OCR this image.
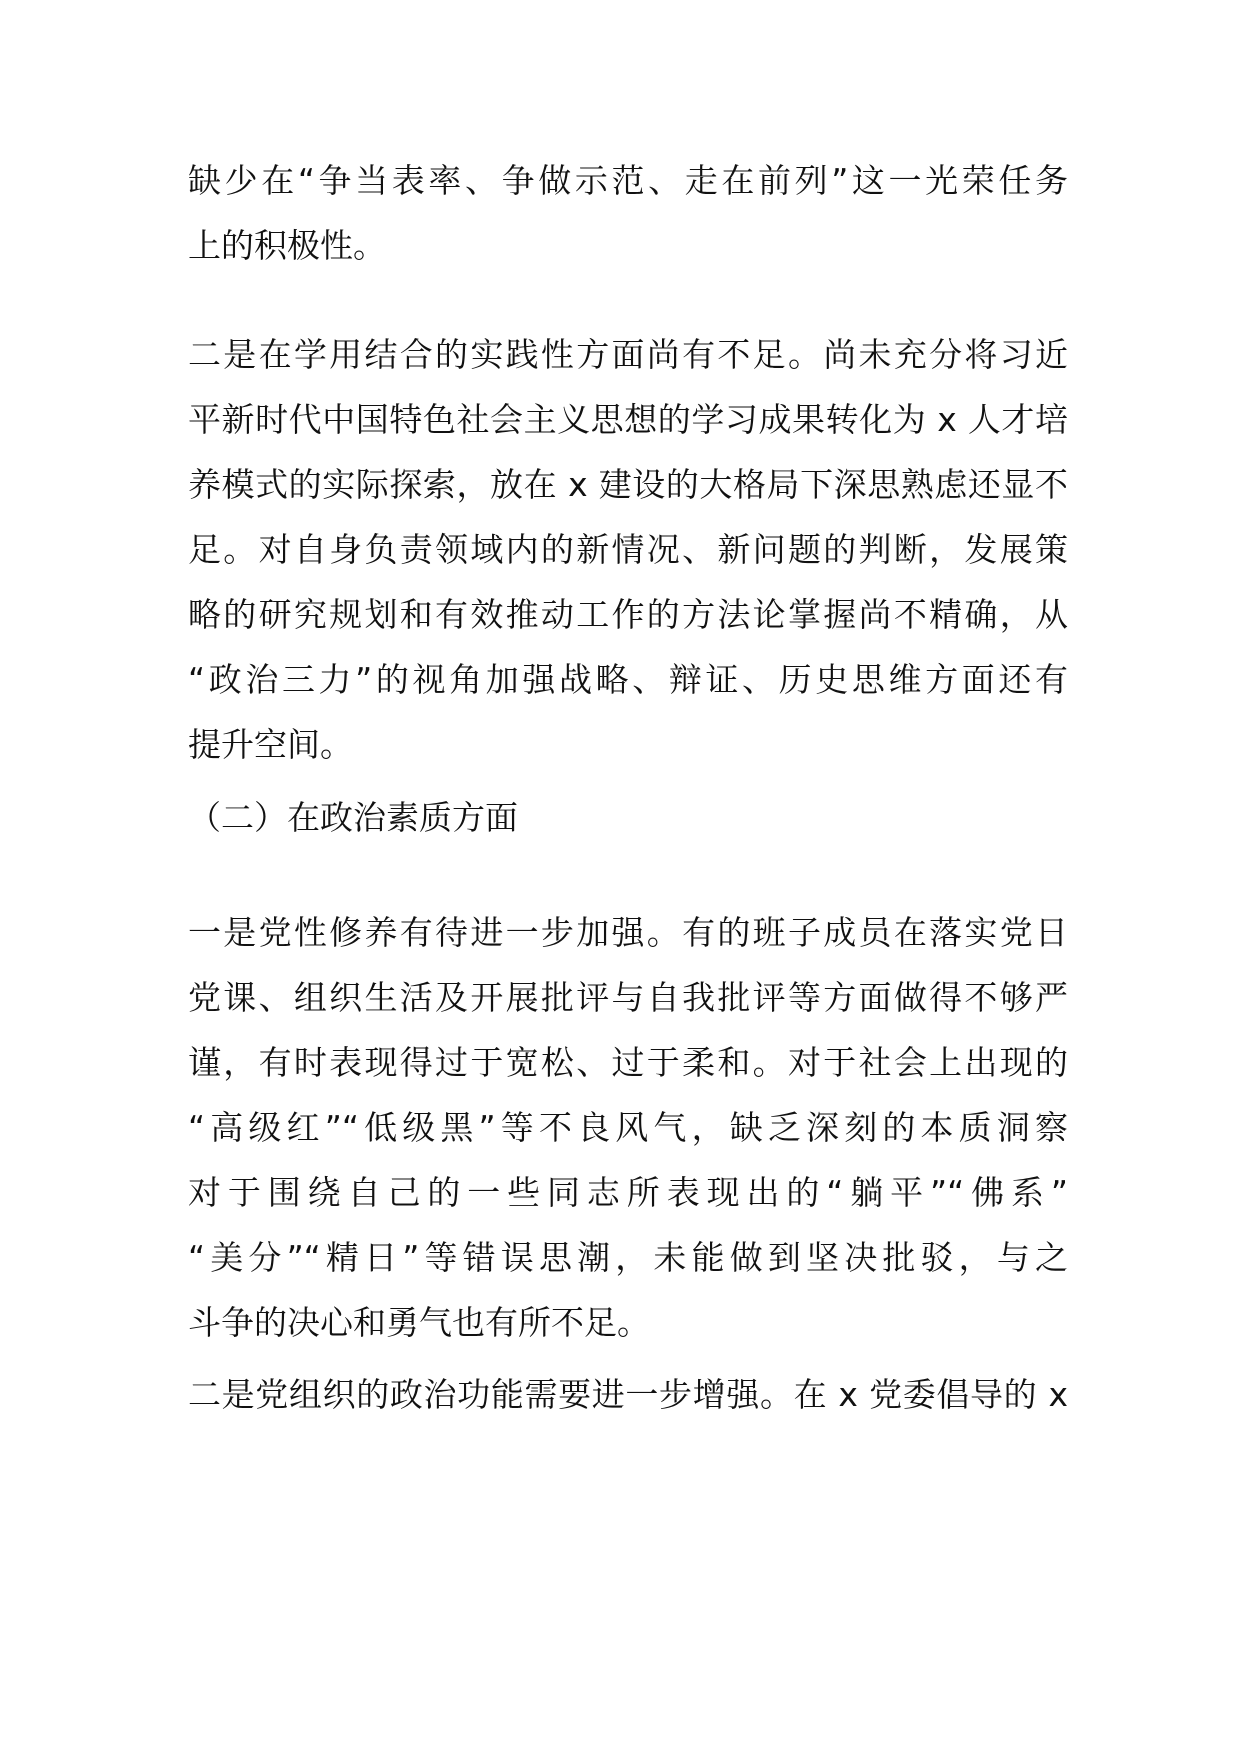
缺少在“争当表率、争做示范、走在前列”这一光荣任务
上的积极性。
二是在学用结合的实践性方面尚有不足。尚未充分将习近
平新时代中国特色社会主义思想的学习成果转化为 x 人才培
养模式的实际探索，放在 x 建设的大格局下深思熟虑还显不
足。对自身负责领域内的新情况、新问题的判断，发展策
略的研究规划和有效推动工作的方法论掌握尚不精确，从
“政治三力”的视角加强战略、辩证、历史思维方面还有
提升空间。
（二）在政治素质方面
一是党性修养有待进一步加强。有的班子成员在落实党日
党课、组织生活及开展批评与自我批评等方面做得不够严
谨，有时表现得过于宽松、过于柔和。对于社会上出现的
“高级红”“低级黑”等不良风气，缺乏深刻的本质洞察
对于围绕自己的一些同志所表现出的“躺平”“佛系”
“美分”“精日”等错误思潮，未能做到坚决批驳，与之
斗争的决心和勇气也有所不足。
二是党组织的政治功能需要进一步增强。在 x 党委倡导的 x
